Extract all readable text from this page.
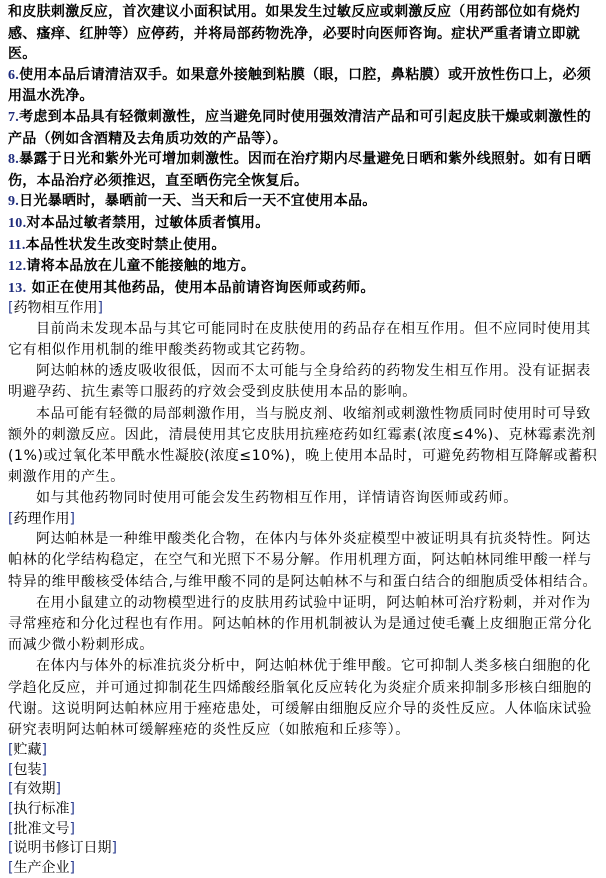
和皮肤刺激反应，首次建议小面积试用。如果发生过敏反应或刺激反应（用药部位如有烧灼感、瘙痒、红肿等）应停药，并将局部药物洗净，必要时向医师咨询。症状严重者请立即就医。

6.使用本品后请清洁双手。如果意外接触到粘膜（眼，口腔，鼻粘膜）或开放性伤口上，必须用温水洗净。

7.考虑到本品具有轻微刺激性，应当避免同时使用强效清洁产品和可引起皮肤干燥或刺激性的产品（例如含酒精及去角质功效的产品等）。

8.暴露于日光和紫外光可增加刺激性。因而在治疗期内尽量避免日晒和紫外线照射。如有日晒伤，本品治疗必须推迟，直至晒伤完全恢复后。

9.日光暴晒时，暴晒前一天、当天和后一天不宜使用本品。

10.对本品过敏者禁用，过敏体质者慎用。

11.本品性状发生改变时禁止使用。

12.请将本品放在儿童不能接触的地方。

13. 如正在使用其他药品，使用本品前请咨询医师或药师。

[药物相互作用]

目前尚未发现本品与其它可能同时在皮肤使用的药品存在相互作用。但不应同时使用其它有相似作用机制的维甲酸类药物或其它药物。

阿达帕林的透皮吸收很低，因而不太可能与全身给药的药物发生相互作用。没有证据表明避孕药、抗生素等口服药的疗效会受到皮肤使用本品的影响。

本品可能有轻微的局部刺激作用，当与脱皮剂、收缩剂或刺激性物质同时使用时可导致额外的刺激反应。因此，清晨使用其它皮肤用抗痤疮药如红霉素(浓度≤4%)、克林霉素洗剂(1%)或过氧化苯甲酰水性凝胶(浓度≤10%)，晚上使用本品时，可避免药物相互降解或蓄积刺激作用的产生。

如与其他药物同时使用可能会发生药物相互作用，详情请咨询医师或药师。

[药理作用]

阿达帕林是一种维甲酸类化合物，在体内与体外炎症模型中被证明具有抗炎特性。阿达帕林的化学结构稳定，在空气和光照下不易分解。作用机理方面，阿达帕林同维甲酸一样与特异的维甲酸核受体结合,与维甲酸不同的是阿达帕林不与和蛋白结合的细胞质受体相结合。

在用小鼠建立的动物模型进行的皮肤用药试验中证明，阿达帕林可治疗粉刺，并对作为寻常痤疮和分化过程也有作用。阿达帕林的作用机制被认为是通过使毛囊上皮细胞正常分化而减少微小粉刺形成。

在体内与体外的标准抗炎分析中，阿达帕林优于维甲酸。它可抑制人类多核白细胞的化学趋化反应，并可通过抑制花生四烯酸经脂氧化反应转化为炎症介质来抑制多形核白细胞的代谢。这说明阿达帕林应用于痤疮患处，可缓解由细胞反应介导的炎性反应。人体临床试验研究表明阿达帕林可缓解痤疮的炎性反应（如脓疱和丘疹等）。

[贮藏]

[包装]

[有效期]

[执行标准]

[批准文号]

[说明书修订日期]

[生产企业]
